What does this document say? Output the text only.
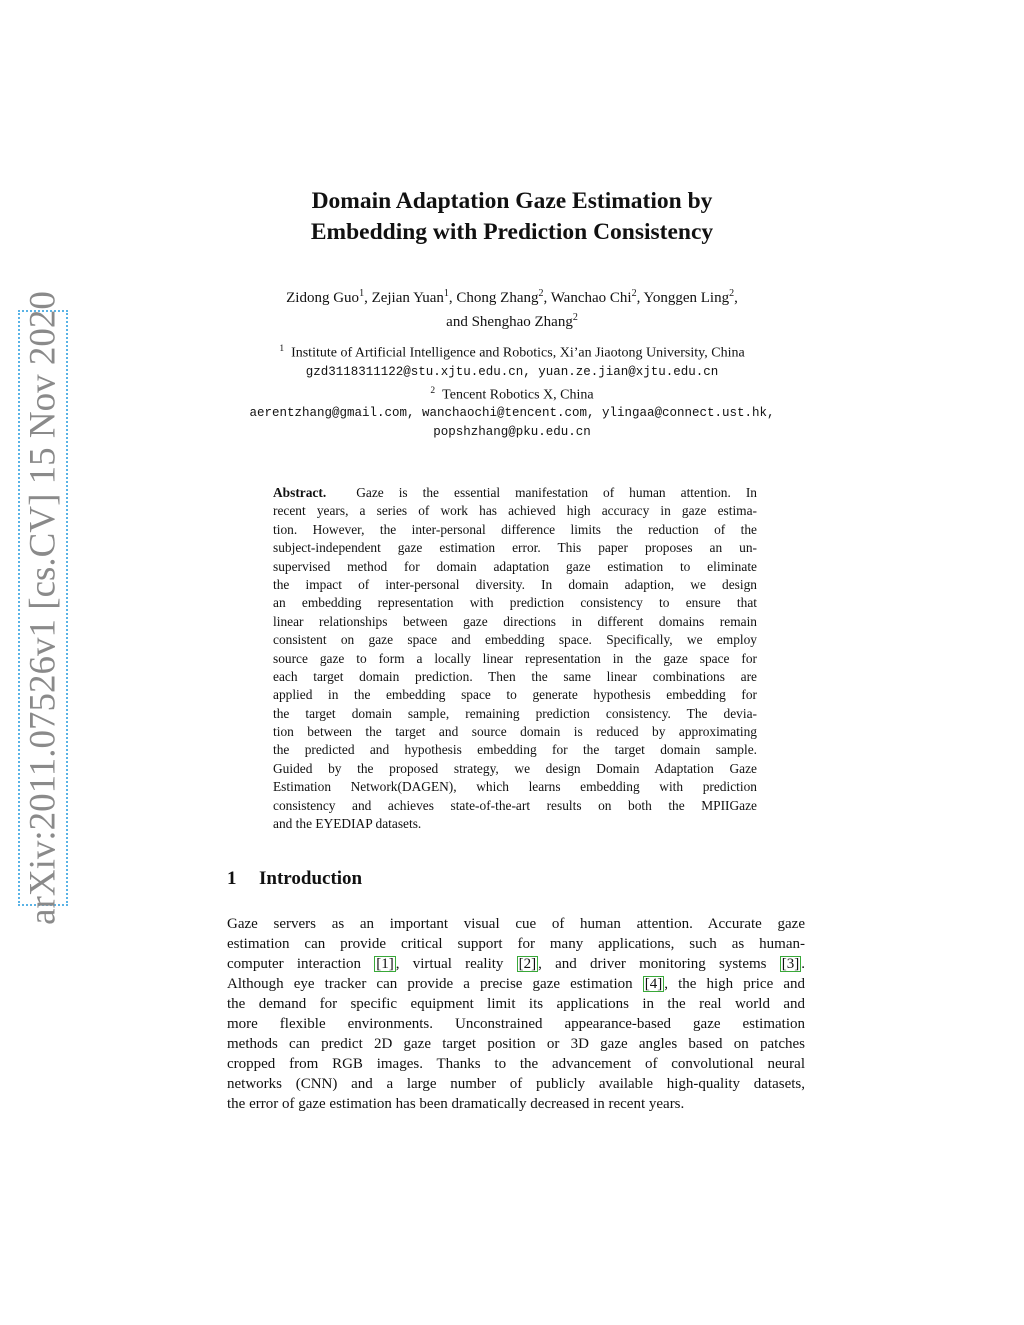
arXiv:2011.07526v1 [cs.CV] 15 Nov 2020
Domain Adaptation Gaze Estimation by
Embedding with Prediction Consistency
Zidong Guo$^1$, Zejian Yuan$^1$, Chong Zhang$^2$, Wanchao Chi$^2$, Yonggen Ling$^2$,
and Shenghao Zhang$^2$
$^1$ Institute of Artificial Intelligence and Robotics, Xi’an Jiaotong University, China
gzd3118311122@stu.xjtu.edu.cn, yuan.ze.jian@xjtu.edu.cn
$^2$ Tencent Robotics X, China
aerentzhang@gmail.com, wanchaochi@tencent.com, ylingaa@connect.ust.hk,
popshzhang@pku.edu.cn
Abstract. Gaze is the essential manifestation of human attention. In
recent years, a series of work has achieved high accuracy in gaze estima-
tion. However, the inter-personal difference limits the reduction of the
subject-independent gaze estimation error. This paper proposes an un-
supervised method for domain adaptation gaze estimation to eliminate
the impact of inter-personal diversity. In domain adaption, we design
an embedding representation with prediction consistency to ensure that
linear relationships between gaze directions in different domains remain
consistent on gaze space and embedding space. Specifically, we employ
source gaze to form a locally linear representation in the gaze space for
each target domain prediction. Then the same linear combinations are
applied in the embedding space to generate hypothesis embedding for
the target domain sample, remaining prediction consistency. The devia-
tion between the target and source domain is reduced by approximating
the predicted and hypothesis embedding for the target domain sample.
Guided by the proposed strategy, we design Domain Adaptation Gaze
Estimation Network(DAGEN), which learns embedding with prediction
consistency and achieves state-of-the-art results on both the MPIIGaze
and the EYEDIAP datasets.
1 Introduction
Gaze servers as an important visual cue of human attention. Accurate gaze
estimation can provide critical support for many applications, such as human-
computer interaction [1] , virtual reality [2] , and driver monitoring systems [3] .
Although eye tracker can provide a precise gaze estimation [4] , the high price and
the demand for specific equipment limit its applications in the real world and
more flexible environments. Unconstrained appearance-based gaze estimation
methods can predict 2D gaze target position or 3D gaze angles based on patches
cropped from RGB images. Thanks to the advancement of convolutional neural
networks (CNN) and a large number of publicly available high-quality datasets,
the error of gaze estimation has been dramatically decreased in recent years.
